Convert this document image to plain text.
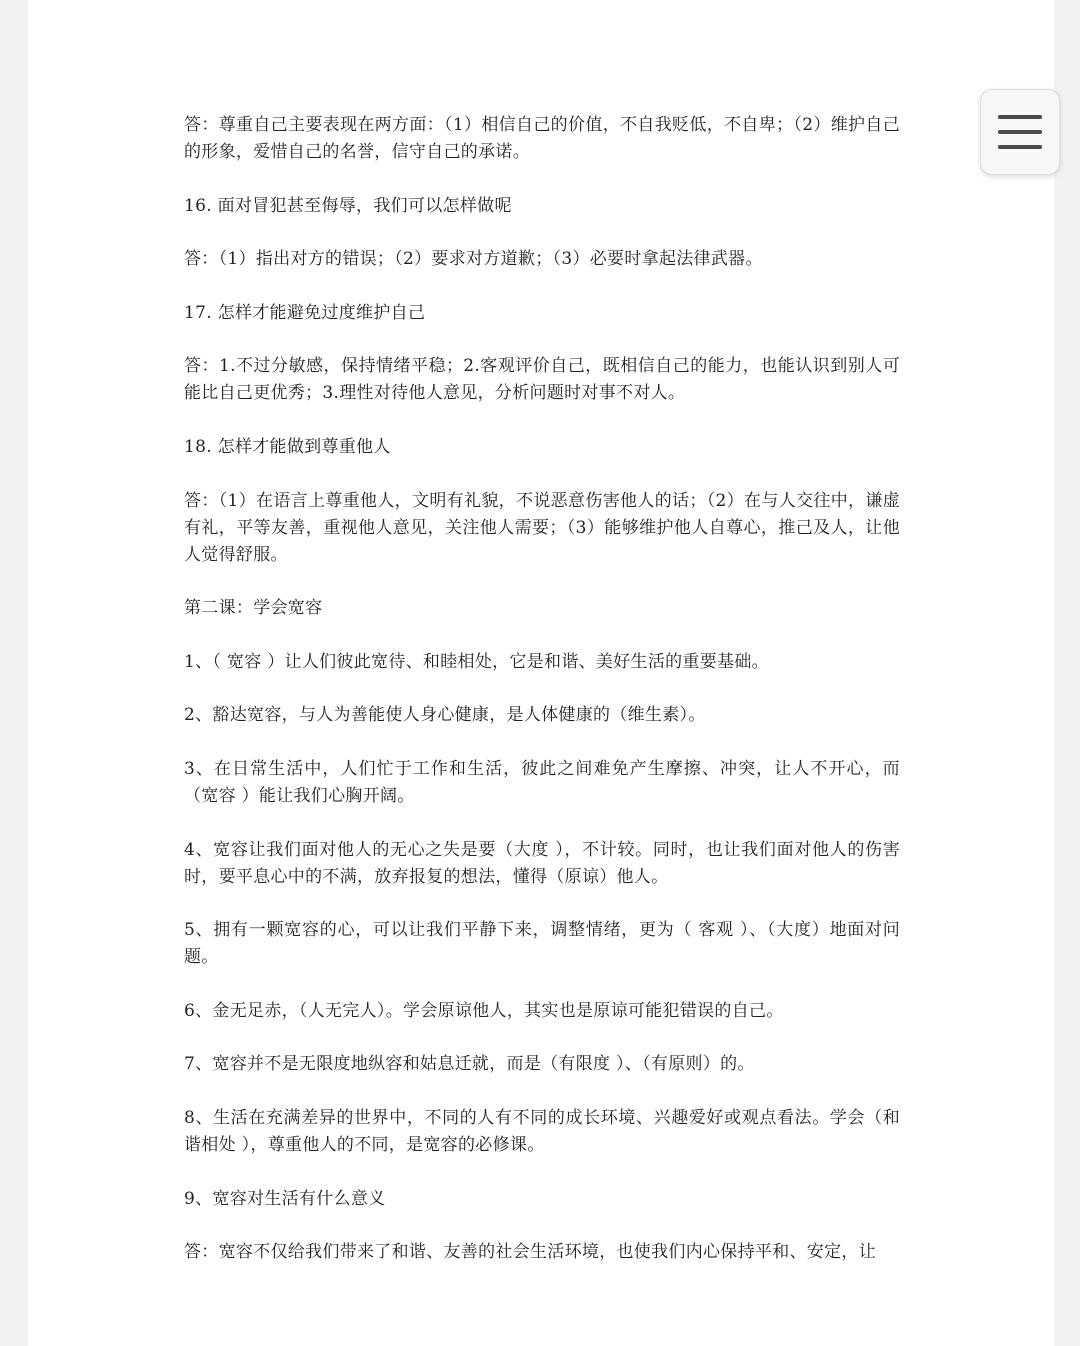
答：尊重自己主要表现在两方面：（1）相信自己的价值，不自我贬低，不自卑；（2）维护自己的形象，爱惜自己的名誉，信守自己的承诺。

16. 面对冒犯甚至侮辱，我们可以怎样做呢

答：（1）指出对方的错误；（2）要求对方道歉；（3）必要时拿起法律武器。

17. 怎样才能避免过度维护自己

答：1.不过分敏感，保持情绪平稳；2.客观评价自己，既相信自己的能力，也能认识到别人可能比自己更优秀；3.理性对待他人意见，分析问题时对事不对人。

18. 怎样才能做到尊重他人

答：（1）在语言上尊重他人，文明有礼貌，不说恶意伤害他人的话；（2）在与人交往中，谦虚有礼，平等友善，重视他人意见，关注他人需要；（3）能够维护他人自尊心，推己及人，让他人觉得舒服。

第二课：学会宽容

1、（ 宽容 ）让人们彼此宽待、和睦相处，它是和谐、美好生活的重要基础。

2、豁达宽容，与人为善能使人身心健康，是人体健康的（维生素）。

3、在日常生活中，人们忙于工作和生活，彼此之间难免产生摩擦、冲突，让人不开心，而（宽容 ）能让我们心胸开阔。

4、宽容让我们面对他人的无心之失是要（大度 ），不计较。同时，也让我们面对他人的伤害时，要平息心中的不满，放弃报复的想法，懂得（原谅）他人。

5、拥有一颗宽容的心，可以让我们平静下来，调整情绪，更为（ 客观 ）、（大度）地面对问题。

6、金无足赤，（人无完人）。学会原谅他人，其实也是原谅可能犯错误的自己。

7、宽容并不是无限度地纵容和姑息迁就，而是（有限度 ）、（有原则）的。

8、生活在充满差异的世界中，不同的人有不同的成长环境、兴趣爱好或观点看法。学会（和谐相处 ），尊重他人的不同，是宽容的必修课。

9、宽容对生活有什么意义

答：宽容不仅给我们带来了和谐、友善的社会生活环境，也使我们内心保持平和、安定，让
